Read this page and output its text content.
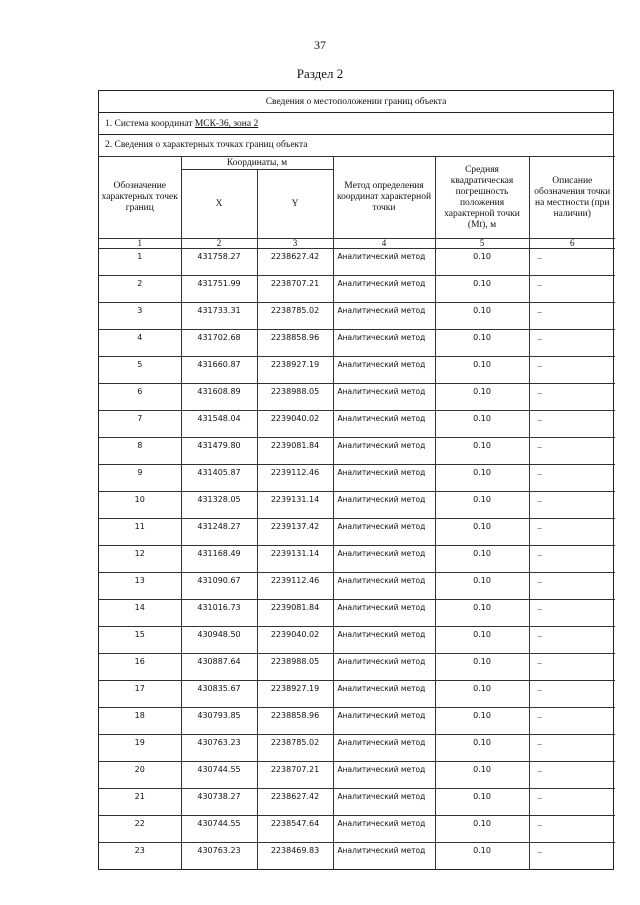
37
Раздел 2
Сведения о местоположении границ объекта
1. Система координат МСК-36, зона 2
2. Сведения о характерных точках границ объекта
Обозначение характерных точек границ	Координаты, м		Метод определения координат характерной точки	Средняя квадратическая погрешность положения характерной точки (Mt), м	Описание обозначения точки на местности (при наличии)
	X	Y			
1	2	3	4	5	6
1	431758.27	2238627.42	Аналитический метод	0.10	–
2	431751.99	2238707.21	Аналитический метод	0.10	–
3	431733.31	2238785.02	Аналитический метод	0.10	–
4	431702.68	2238858.96	Аналитический метод	0.10	–
5	431660.87	2238927.19	Аналитический метод	0.10	–
6	431608.89	2238988.05	Аналитический метод	0.10	–
7	431548.04	2239040.02	Аналитический метод	0.10	–
8	431479.80	2239081.84	Аналитический метод	0.10	–
9	431405.87	2239112.46	Аналитический метод	0.10	–
10	431328.05	2239131.14	Аналитический метод	0.10	–
11	431248.27	2239137.42	Аналитический метод	0.10	–
12	431168.49	2239131.14	Аналитический метод	0.10	–
13	431090.67	2239112.46	Аналитический метод	0.10	–
14	431016.73	2239081.84	Аналитический метод	0.10	–
15	430948.50	2239040.02	Аналитический метод	0.10	–
16	430887.64	2238988.05	Аналитический метод	0.10	–
17	430835.67	2238927.19	Аналитический метод	0.10	–
18	430793.85	2238858.96	Аналитический метод	0.10	–
19	430763.23	2238785.02	Аналитический метод	0.10	–
20	430744.55	2238707.21	Аналитический метод	0.10	–
21	430738.27	2238627.42	Аналитический метод	0.10	–
22	430744.55	2238547.64	Аналитический метод	0.10	–
23	430763.23	2238469.83	Аналитический метод	0.10	–
